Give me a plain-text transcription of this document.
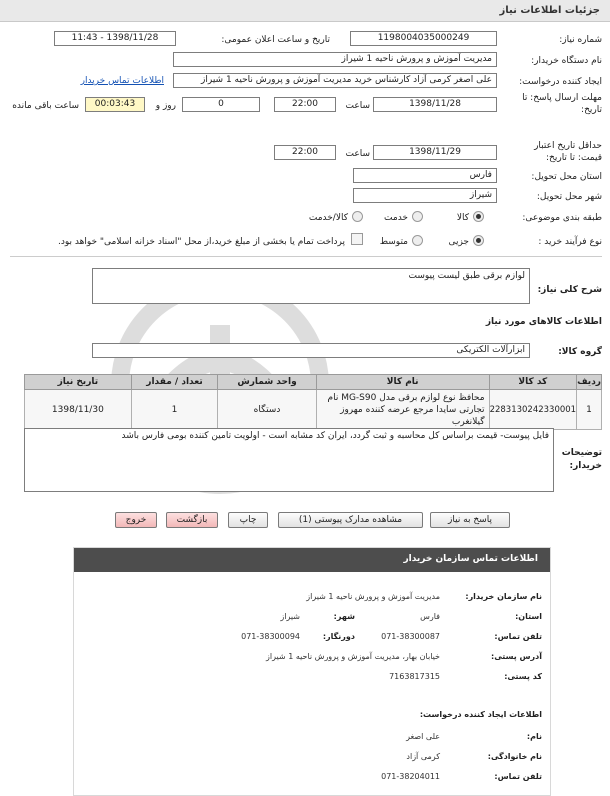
جزئیات اطلاعات نیاز
شماره نیاز:
1198004035000249
تاریخ و ساعت اعلان عمومی:
1398/11/28 - 11:43
نام دستگاه خریدار:
مدیریت آموزش و پرورش ناحیه 1 شیراز
ایجاد کننده درخواست:
علی اصغر کرمی آزاد کارشناس خرید مدیریت آموزش و پرورش ناحیه 1 شیراز
اطلاعات تماس خریدار
مهلت ارسال پاسخ: تا
تاریخ:
1398/11/28
ساعت
22:00
0
روز و
00:03:43
ساعت باقی مانده
حداقل تاریخ اعتبار
قیمت: تا تاریخ:
1398/11/29
ساعت
22:00
استان محل تحویل:
فارس
شهر محل تحویل:
شیراز
طبقه بندی موضوعی:
کالا
خدمت
کالا/خدمت
نوع فرآیند خرید :
جزیی
متوسط
پرداخت تمام یا بخشی از مبلغ خرید،از محل "اسناد خزانه اسلامی" خواهد بود.
شرح کلی نیاز:
لوازم برقی طبق لیست پیوست
اطلاعات کالاهای مورد نیاز
گروه کالا:
ابزارآلات الکتریکی
ردیف	کد کالا	نام کالا	واحد شمارش	تعداد / مقدار	تاریخ نیاز
1	2283130242330001	محافظ نوع لوازم برقی مدل MG-S90 نام تجارتی سایدا مرجع عرضه کننده مهروز گیلانغرب	دستگاه	1	1398/11/30
توضیحات
خریدار:
فایل پیوست- قیمت براساس کل محاسبه و ثبت گردد، ایران کد مشابه است - اولویت تامین کننده بومی فارس باشد
پاسخ به نیاز
مشاهده مدارک پیوستی (1)
چاپ
بازگشت
خروج
اطلاعات تماس سازمان خریدار
نام سازمان خریدار:
مدیریت آموزش و پرورش ناحیه 1 شیراز
استان:
فارس
شهر:
شیراز
تلفن تماس:
071-38300087
دورنگار:
071-38300094
آدرس پستی:
خیابان بهار، مدیریت آموزش و پرورش ناحیه 1 شیراز
کد پستی:
7163817315
اطلاعات ایجاد کننده درخواست:
نام:
علی اصغر
نام خانوادگی:
کرمی آزاد
تلفن تماس:
071-38204011
